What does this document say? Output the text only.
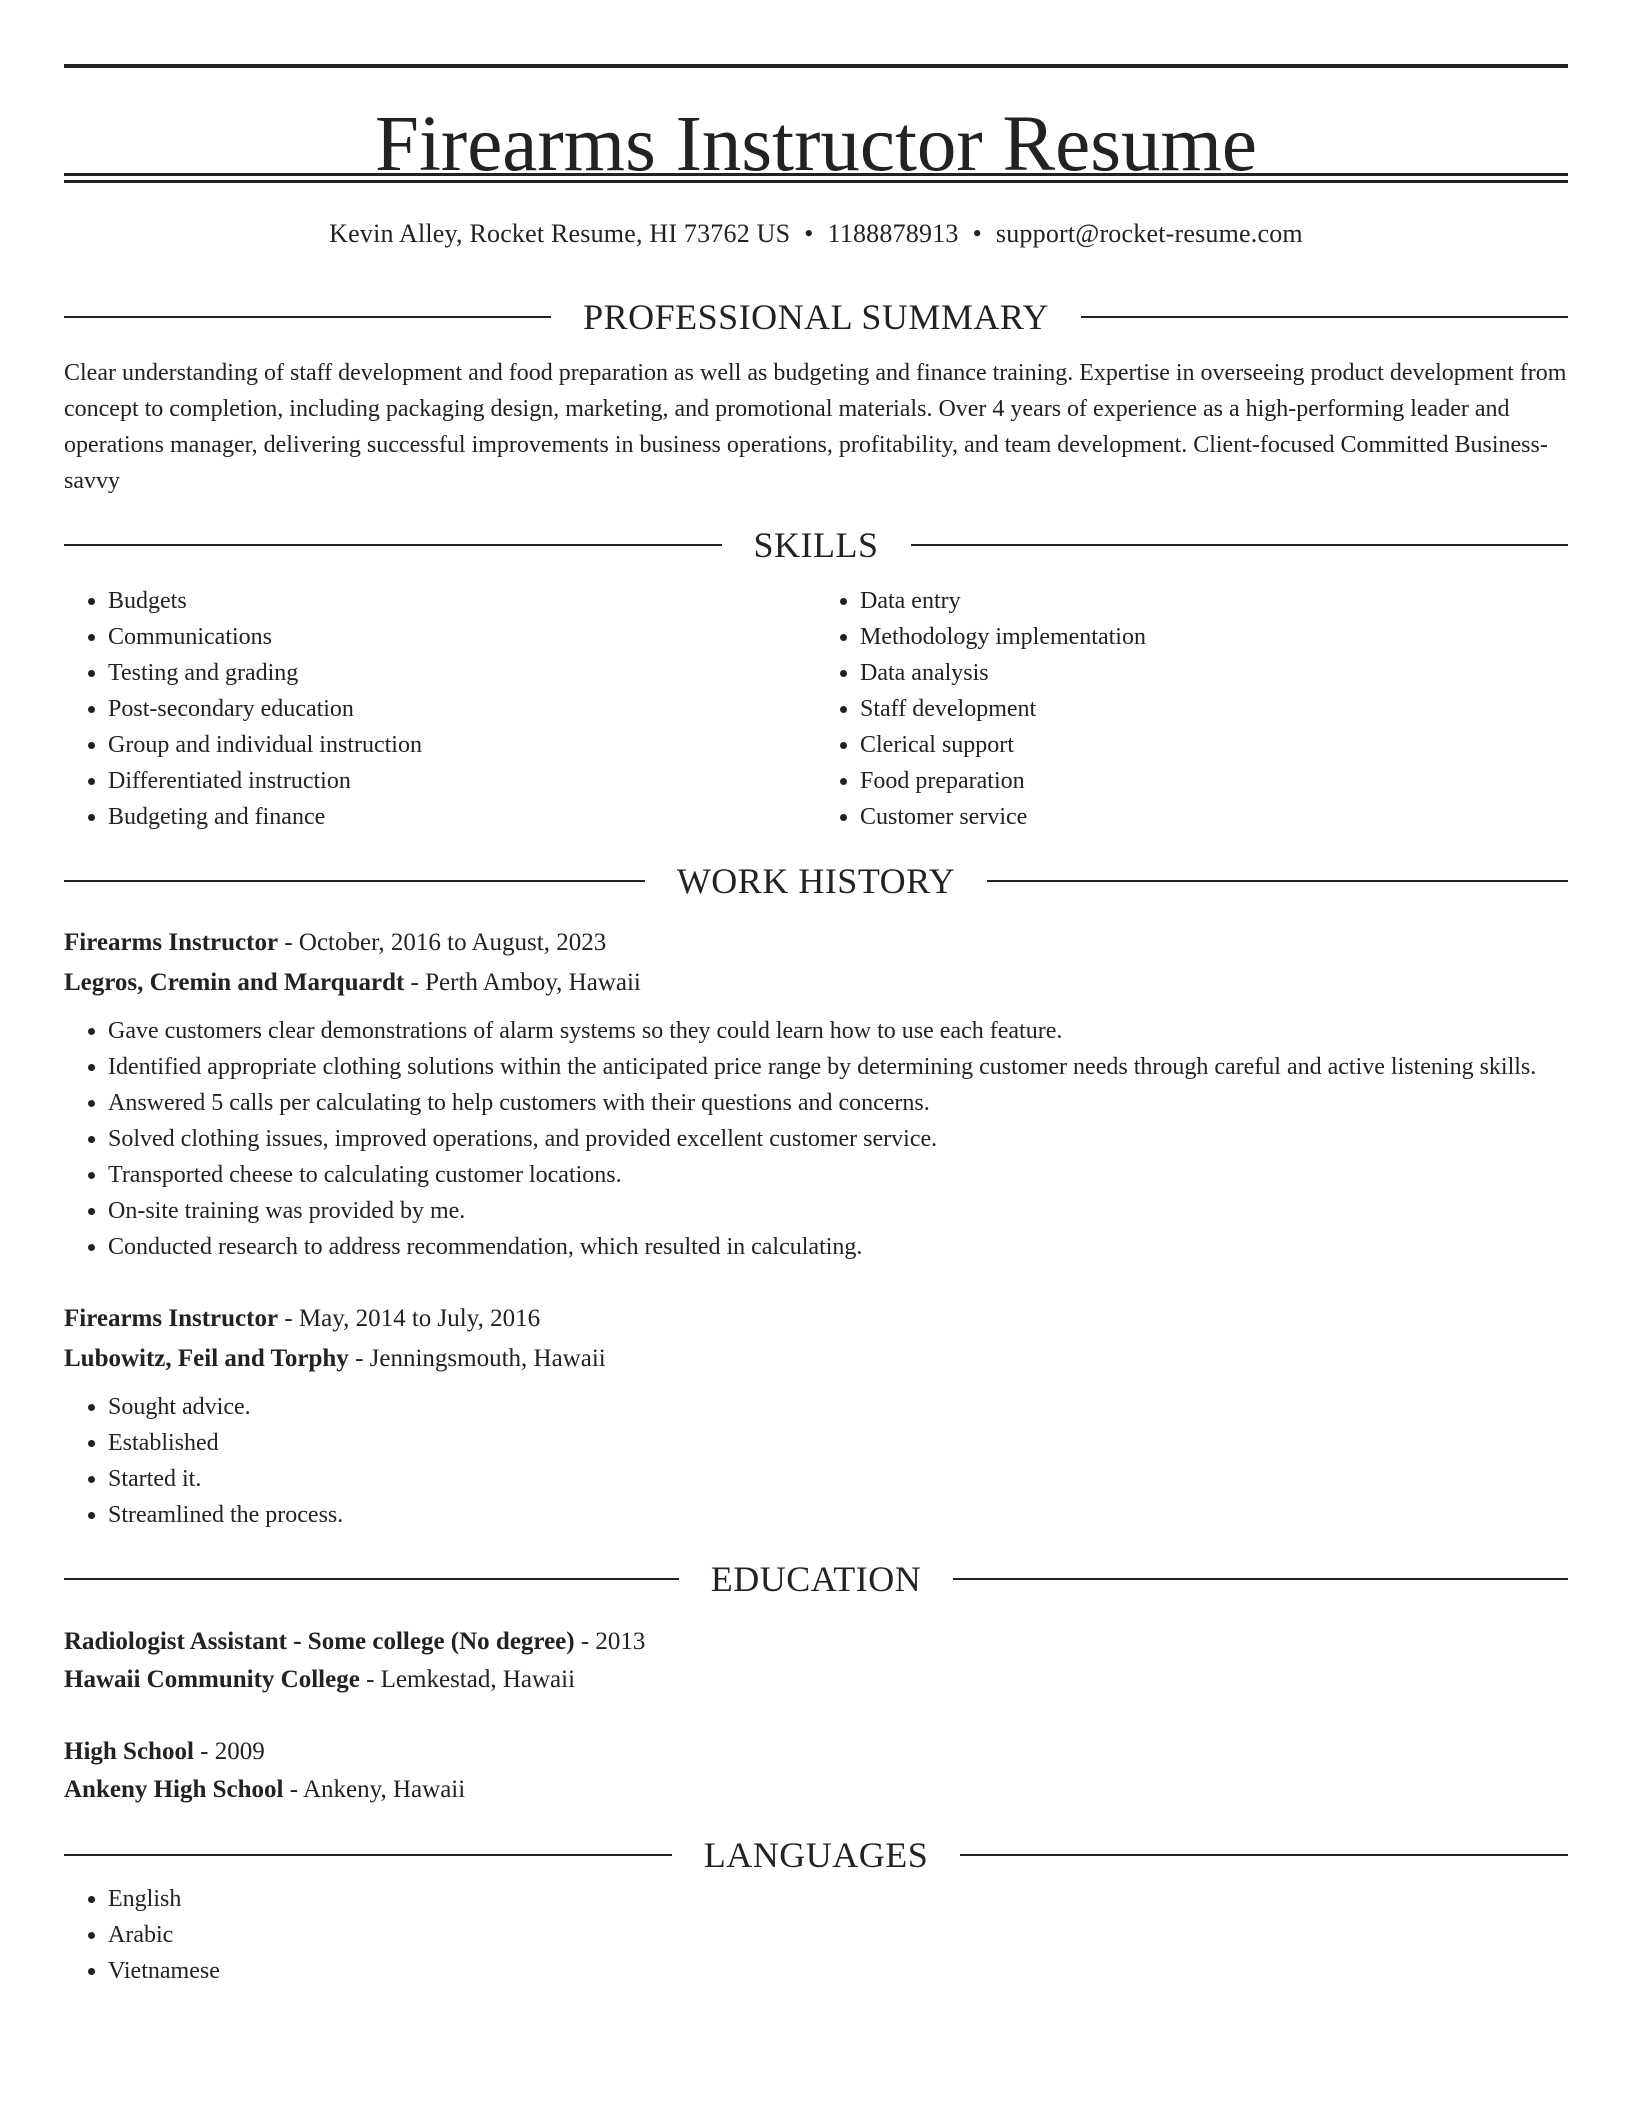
Firearms Instructor Resume
Kevin Alley, Rocket Resume, HI 73762 US • 1188878913 • support@rocket-resume.com
PROFESSIONAL SUMMARY

Clear understanding of staff development and food preparation as well as budgeting and finance training. Expertise in overseeing product development from concept to completion, including packaging design, marketing, and promotional materials. Over 4 years of experience as a high-performing leader and operations manager, delivering successful improvements in business operations, profitability, and team development. Client-focused Committed Business-savvy

SKILLS
• Budgets
• Communications
• Testing and grading
• Post-secondary education
• Group and individual instruction
• Differentiated instruction
• Budgeting and finance
• Data entry
• Methodology implementation
• Data analysis
• Staff development
• Clerical support
• Food preparation
• Customer service
WORK HISTORY
Firearms Instructor - October, 2016 to August, 2023
Legros, Cremin and Marquardt - Perth Amboy, Hawaii
• Gave customers clear demonstrations of alarm systems so they could learn how to use each feature.
• Identified appropriate clothing solutions within the anticipated price range by determining customer needs through careful and active listening skills.
• Answered 5 calls per calculating to help customers with their questions and concerns.
• Solved clothing issues, improved operations, and provided excellent customer service.
• Transported cheese to calculating customer locations.
• On-site training was provided by me.
• Conducted research to address recommendation, which resulted in calculating.
Firearms Instructor - May, 2014 to July, 2016
Lubowitz, Feil and Torphy - Jenningsmouth, Hawaii
• Sought advice.
• Established
• Started it.
• Streamlined the process.
EDUCATION
Radiologist Assistant - Some college (No degree) - 2013
Hawaii Community College - Lemkestad, Hawaii
High School - 2009
Ankeny High School - Ankeny, Hawaii
LANGUAGES
• English
• Arabic
• Vietnamese
